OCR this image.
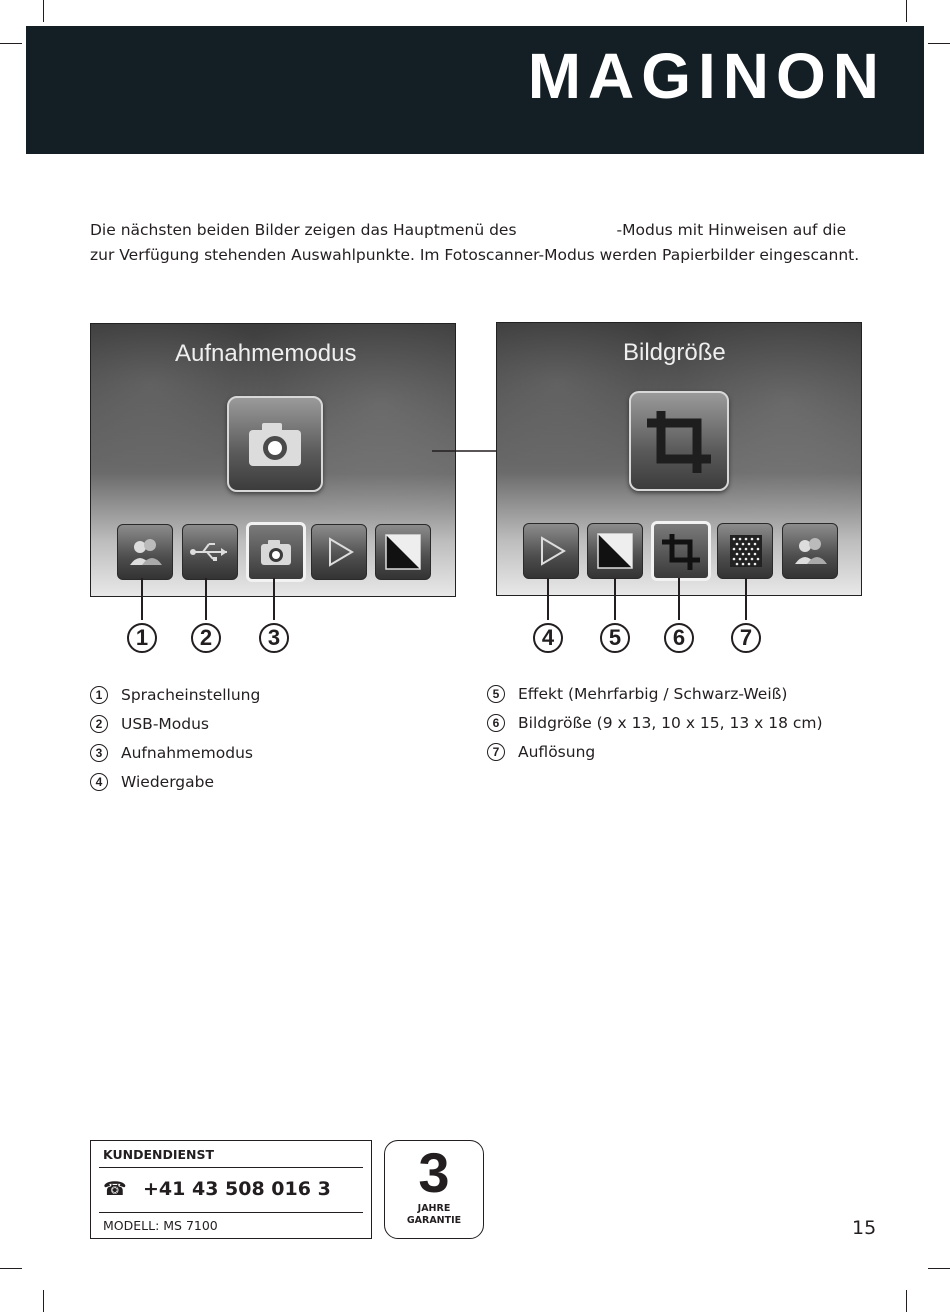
MAGINON
Die nächsten beiden Bilder zeigen das Hauptmenü des	-Modus mit Hinweisen auf die
zur Verfügung stehenden Auswahlpunkte. Im Fotoscanner-Modus werden Papierbilder eingescannt.
Aufnahmemodus	Bildgröße
1	2	3	4	5	6	7
1	Spracheinstellung
2	USB-Modus
3	Aufnahmemodus
4	Wiedergabe
5	Effekt (Mehrfarbig / Schwarz-Weiß)
6	Bildgröße (9 x 13, 10 x 15, 13 x 18 cm)
7	Auflösung
KUNDENDIENST
☎ +41 43 508 016 3
MODELL: MS 7100
3
JAHRE
GARANTIE	15
